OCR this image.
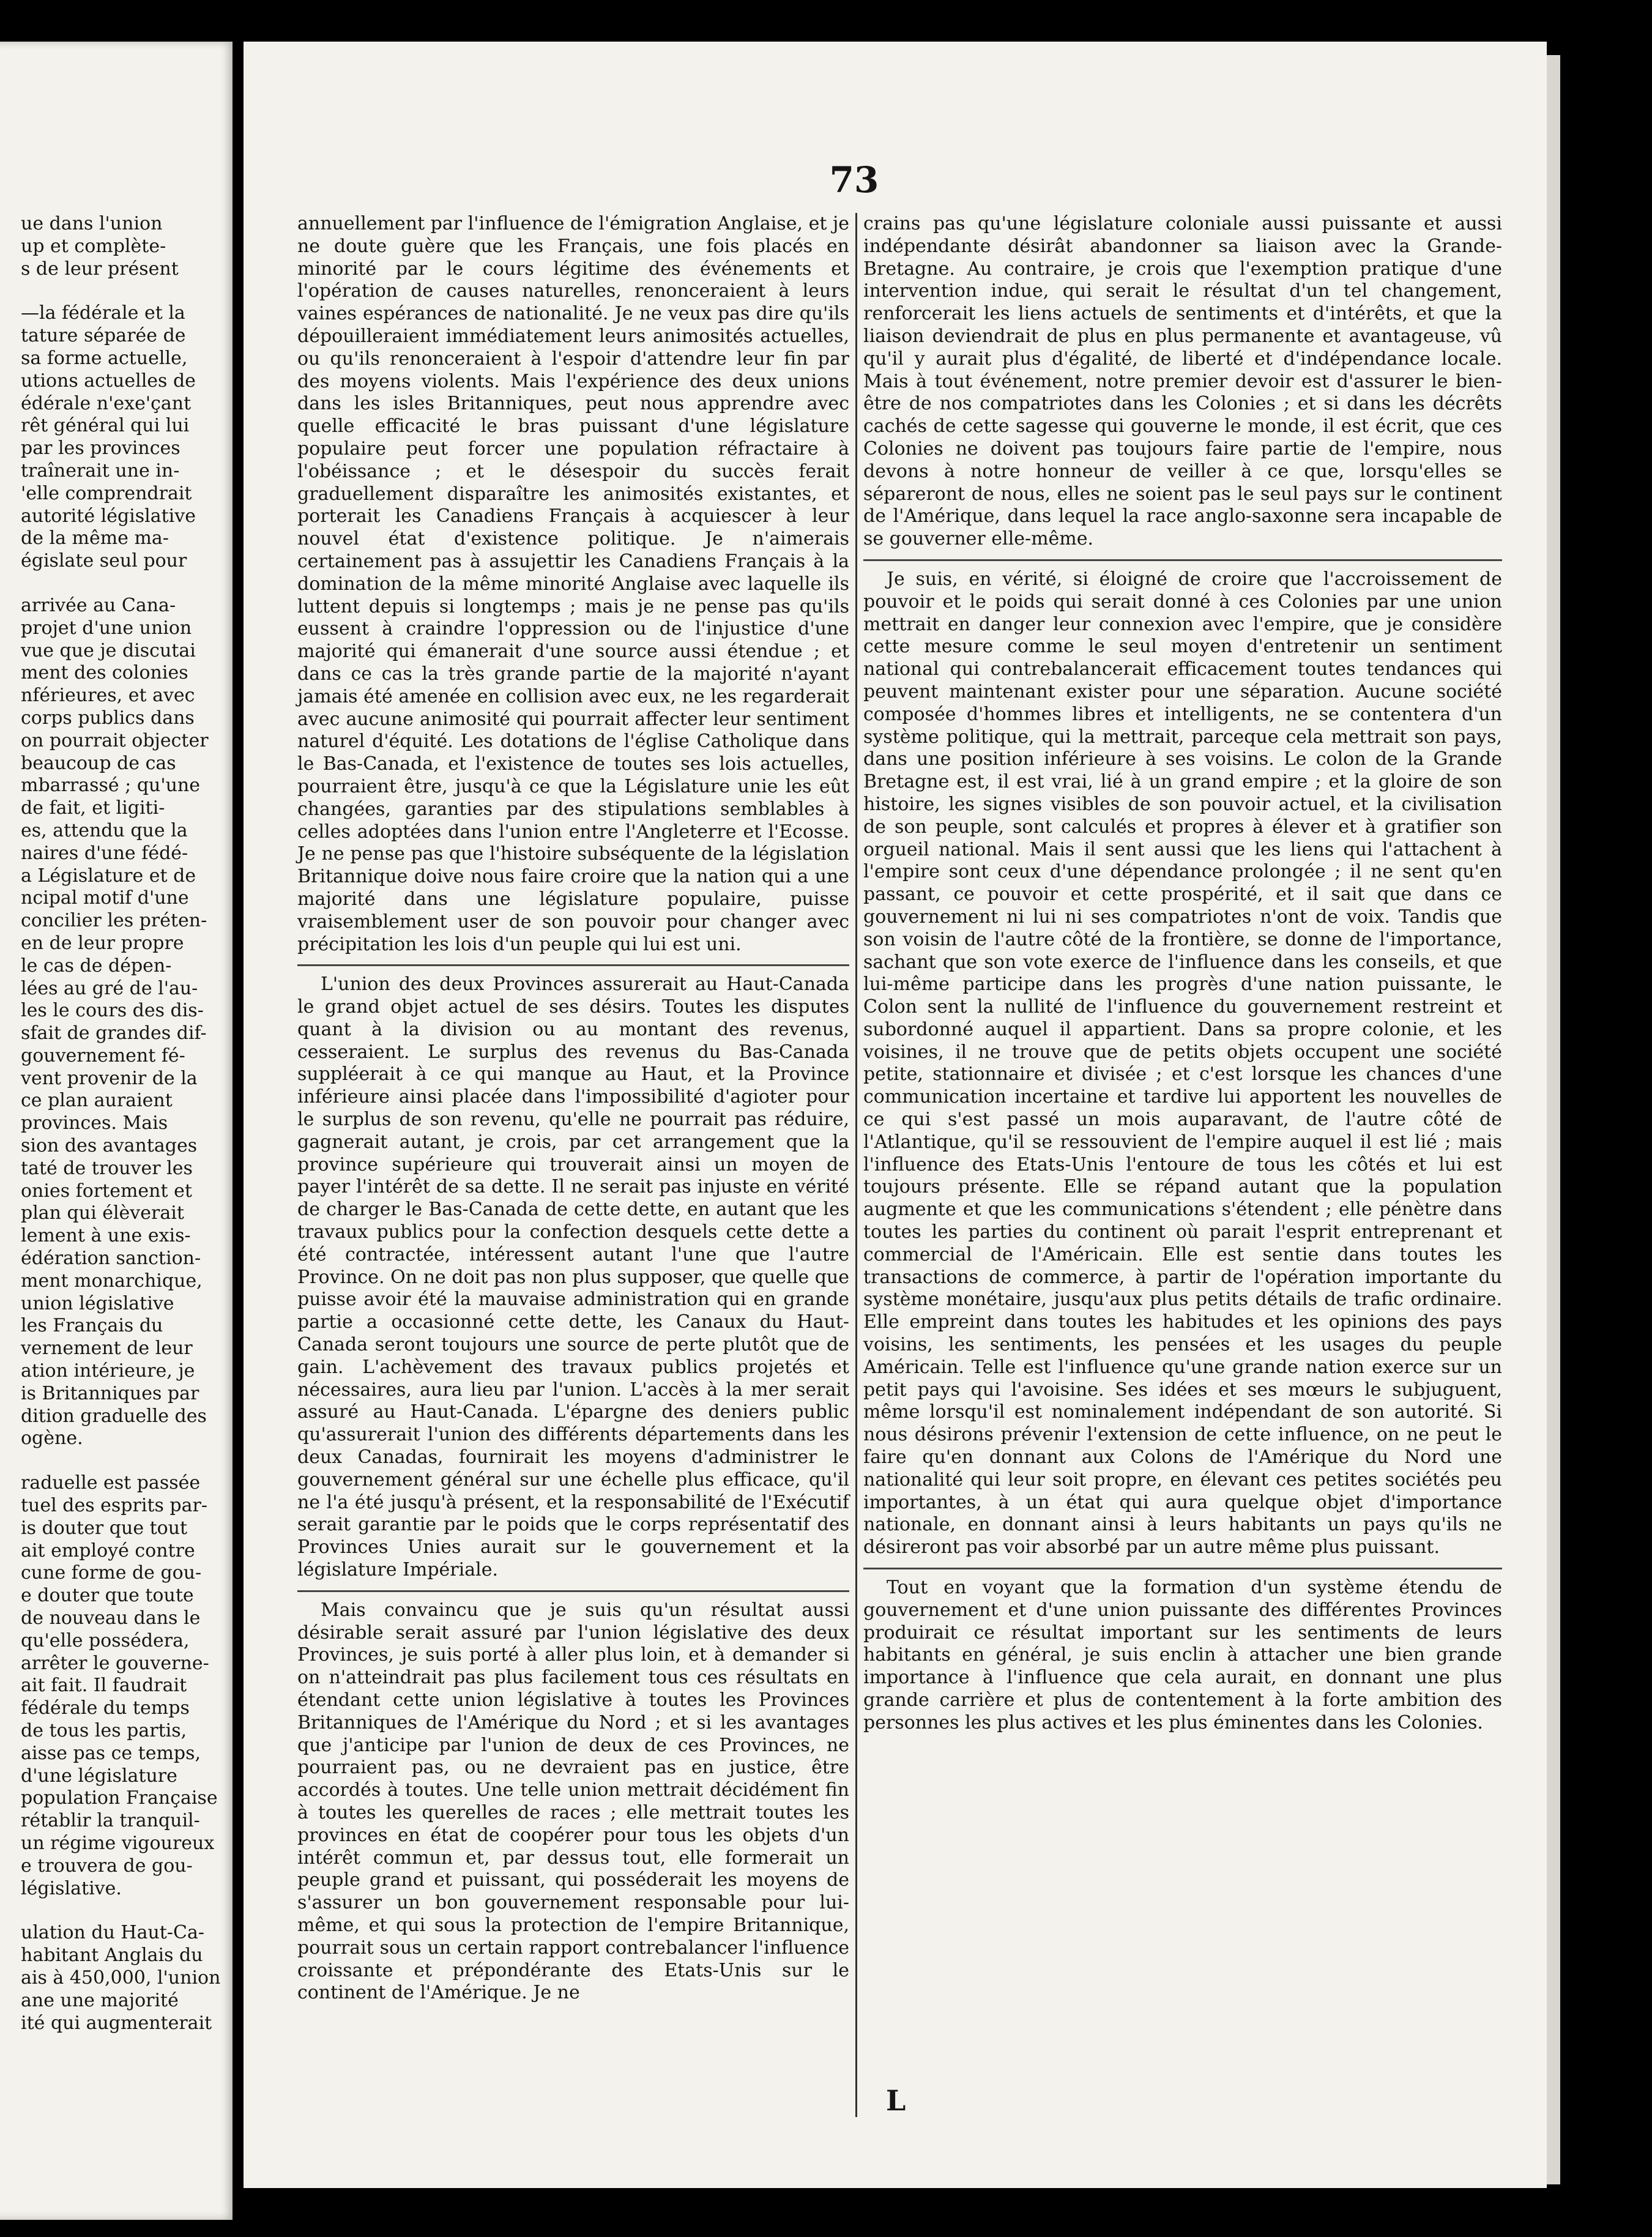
ue dans l'union

up et complète-

s de leur présent

—la fédérale et la

tature séparée de

sa forme actuelle,

utions actuelles de

édérale n'exe'çant

rêt général qui lui

par les provinces

traînerait une in-

'elle comprendrait

autorité législative

de la même ma-

égislate seul pour

arrivée au Cana-

projet d'une union

vue que je discutai

ment des colonies

nférieures, et avec

corps publics dans

on pourrait objecter

beaucoup de cas

mbarrassé ; qu'une

de fait, et ligiti-

es, attendu que la

naires d'une fédé-

a Législature et de

ncipal motif d'une

concilier les préten-

en de leur propre

le cas de dépen-

lées au gré de l'au-

les le cours des dis-

sfait de grandes dif-

gouvernement fé-

vent provenir de la

ce plan auraient

provinces. Mais

sion des avantages

taté de trouver les

onies fortement et

plan qui élèverait

lement à une exis-

édération sanction-

ment monarchique,

union législative

les Français du

vernement de leur

ation intérieure, je

is Britanniques par

dition graduelle des

ogène.

raduelle est passée

tuel des esprits par-

is douter que tout

ait employé contre

cune forme de gou-

e douter que toute

de nouveau dans le

qu'elle possédera,

arrêter le gouverne-

ait fait. Il faudrait

fédérale du temps

de tous les partis,

aisse pas ce temps,

d'une législature

population Française

rétablir la tranquil-

un régime vigoureux

e trouvera de gou-

législative.

ulation du Haut-Ca-

habitant Anglais du

ais à 450,000, l'union

ane une majorité

ité qui augmenterait

73

annuellement par l'influence de l'émigration Anglaise, et je ne doute guère que les Français, une fois placés en minorité par le cours légitime des événements et l'opération de causes naturelles, renonceraient à leurs vaines espérances de nationalité. Je ne veux pas dire qu'ils dépouilleraient immédiatement leurs animosités actuelles, ou qu'ils renonceraient à l'espoir d'attendre leur fin par des moyens violents. Mais l'expérience des deux unions dans les isles Britanniques, peut nous apprendre avec quelle efficacité le bras puissant d'une législature populaire peut forcer une population réfractaire à l'obéissance ; et le désespoir du succès ferait graduellement disparaître les animosités existantes, et porterait les Canadiens Français à acquiescer à leur nouvel état d'existence politique. Je n'aimerais certainement pas à assujettir les Canadiens Français à la domination de la même minorité Anglaise avec laquelle ils luttent depuis si longtemps ; mais je ne pense pas qu'ils eussent à craindre l'oppression ou de l'injustice d'une majorité qui émanerait d'une source aussi étendue ; et dans ce cas la très grande partie de la majorité n'ayant jamais été amenée en collision avec eux, ne les regarderait avec aucune animosité qui pourrait affecter leur sentiment naturel d'équité. Les dotations de l'église Catholique dans le Bas-Canada, et l'existence de toutes ses lois actuelles, pourraient être, jusqu'à ce que la Législature unie les eût changées, garanties par des stipulations semblables à celles adoptées dans l'union entre l'Angleterre et l'Ecosse. Je ne pense pas que l'histoire subséquente de la législation Britannique doive nous faire croire que la nation qui a une majorité dans une législature populaire, puisse vraisemblement user de son pouvoir pour changer avec précipitation les lois d'un peuple qui lui est uni.

L'union des deux Provinces assurerait au Haut-Canada le grand objet actuel de ses désirs. Toutes les disputes quant à la division ou au montant des revenus, cesseraient. Le surplus des revenus du Bas-Canada suppléerait à ce qui manque au Haut, et la Province inférieure ainsi placée dans l'impossibilité d'agioter pour le surplus de son revenu, qu'elle ne pourrait pas réduire, gagnerait autant, je crois, par cet arrangement que la province supérieure qui trouverait ainsi un moyen de payer l'intérêt de sa dette. Il ne serait pas injuste en vérité de charger le Bas-Canada de cette dette, en autant que les travaux publics pour la confection desquels cette dette a été contractée, intéressent autant l'une que l'autre Province. On ne doit pas non plus supposer, que quelle que puisse avoir été la mauvaise administration qui en grande partie a occasionné cette dette, les Canaux du Haut-Canada seront toujours une source de perte plutôt que de gain. L'achèvement des travaux publics projetés et nécessaires, aura lieu par l'union. L'accès à la mer serait assuré au Haut-Canada. L'épargne des deniers public qu'assurerait l'union des différents départements dans les deux Canadas, fournirait les moyens d'administrer le gouvernement général sur une échelle plus efficace, qu'il ne l'a été jusqu'à présent, et la responsabilité de l'Exécutif serait garantie par le poids que le corps représentatif des Provinces Unies aurait sur le gouvernement et la législature Impériale.

Mais convaincu que je suis qu'un résultat aussi désirable serait assuré par l'union législative des deux Provinces, je suis porté à aller plus loin, et à demander si on n'atteindrait pas plus facilement tous ces résultats en étendant cette union législative à toutes les Provinces Britanniques de l'Amérique du Nord ; et si les avantages que j'anticipe par l'union de deux de ces Provinces, ne pourraient pas, ou ne devraient pas en justice, être accordés à toutes. Une telle union mettrait décidément fin à toutes les querelles de races ; elle mettrait toutes les provinces en état de coopérer pour tous les objets d'un intérêt commun et, par dessus tout, elle formerait un peuple grand et puissant, qui posséderait les moyens de s'assurer un bon gouvernement responsable pour lui-même, et qui sous la protection de l'empire Britannique, pourrait sous un certain rapport contrebalancer l'influence croissante et prépondérante des Etats-Unis sur le continent de l'Amérique. Je ne

crains pas qu'une législature coloniale aussi puissante et aussi indépendante désirât abandonner sa liaison avec la Grande-Bretagne. Au contraire, je crois que l'exemption pratique d'une intervention indue, qui serait le résultat d'un tel changement, renforcerait les liens actuels de sentiments et d'intérêts, et que la liaison deviendrait de plus en plus permanente et avantageuse, vû qu'il y aurait plus d'égalité, de liberté et d'indépendance locale. Mais à tout événement, notre premier devoir est d'assurer le bien-être de nos compatriotes dans les Colonies ; et si dans les décrêts cachés de cette sagesse qui gouverne le monde, il est écrit, que ces Colonies ne doivent pas toujours faire partie de l'empire, nous devons à notre honneur de veiller à ce que, lorsqu'elles se sépareront de nous, elles ne soient pas le seul pays sur le continent de l'Amérique, dans lequel la race anglo-saxonne sera incapable de se gouverner elle-même.

Je suis, en vérité, si éloigné de croire que l'accroissement de pouvoir et le poids qui serait donné à ces Colonies par une union mettrait en danger leur connexion avec l'empire, que je considère cette mesure comme le seul moyen d'entretenir un sentiment national qui contrebalancerait efficacement toutes tendances qui peuvent maintenant exister pour une séparation. Aucune société composée d'hommes libres et intelligents, ne se contentera d'un système politique, qui la mettrait, parceque cela mettrait son pays, dans une position inférieure à ses voisins. Le colon de la Grande Bretagne est, il est vrai, lié à un grand empire ; et la gloire de son histoire, les signes visibles de son pouvoir actuel, et la civilisation de son peuple, sont calculés et propres à élever et à gratifier son orgueil national. Mais il sent aussi que les liens qui l'attachent à l'empire sont ceux d'une dépendance prolongée ; il ne sent qu'en passant, ce pouvoir et cette prospérité, et il sait que dans ce gouvernement ni lui ni ses compatriotes n'ont de voix. Tandis que son voisin de l'autre côté de la frontière, se donne de l'importance, sachant que son vote exerce de l'influence dans les conseils, et que lui-même participe dans les progrès d'une nation puissante, le Colon sent la nullité de l'influence du gouvernement restreint et subordonné auquel il appartient. Dans sa propre colonie, et les voisines, il ne trouve que de petits objets occupent une société petite, stationnaire et divisée ; et c'est lorsque les chances d'une communication incertaine et tardive lui apportent les nouvelles de ce qui s'est passé un mois auparavant, de l'autre côté de l'Atlantique, qu'il se ressouvient de l'empire auquel il est lié ; mais l'influence des Etats-Unis l'entoure de tous les côtés et lui est toujours présente. Elle se répand autant que la population augmente et que les communications s'étendent ; elle pénètre dans toutes les parties du continent où parait l'esprit entreprenant et commercial de l'Américain. Elle est sentie dans toutes les transactions de commerce, à partir de l'opération importante du système monétaire, jusqu'aux plus petits détails de trafic ordinaire. Elle empreint dans toutes les habitudes et les opinions des pays voisins, les sentiments, les pensées et les usages du peuple Américain. Telle est l'influence qu'une grande nation exerce sur un petit pays qui l'avoisine. Ses idées et ses mœurs le subjuguent, même lorsqu'il est nominalement indépendant de son autorité. Si nous désirons prévenir l'extension de cette influence, on ne peut le faire qu'en donnant aux Colons de l'Amérique du Nord une nationalité qui leur soit propre, en élevant ces petites sociétés peu importantes, à un état qui aura quelque objet d'importance nationale, en donnant ainsi à leurs habitants un pays qu'ils ne désireront pas voir absorbé par un autre même plus puissant.

Tout en voyant que la formation d'un système étendu de gouvernement et d'une union puissante des différentes Provinces produirait ce résultat important sur les sentiments de leurs habitants en général, je suis enclin à attacher une bien grande importance à l'influence que cela aurait, en donnant une plus grande carrière et plus de contentement à la forte ambition des personnes les plus actives et les plus éminentes dans les Colonies.

L
